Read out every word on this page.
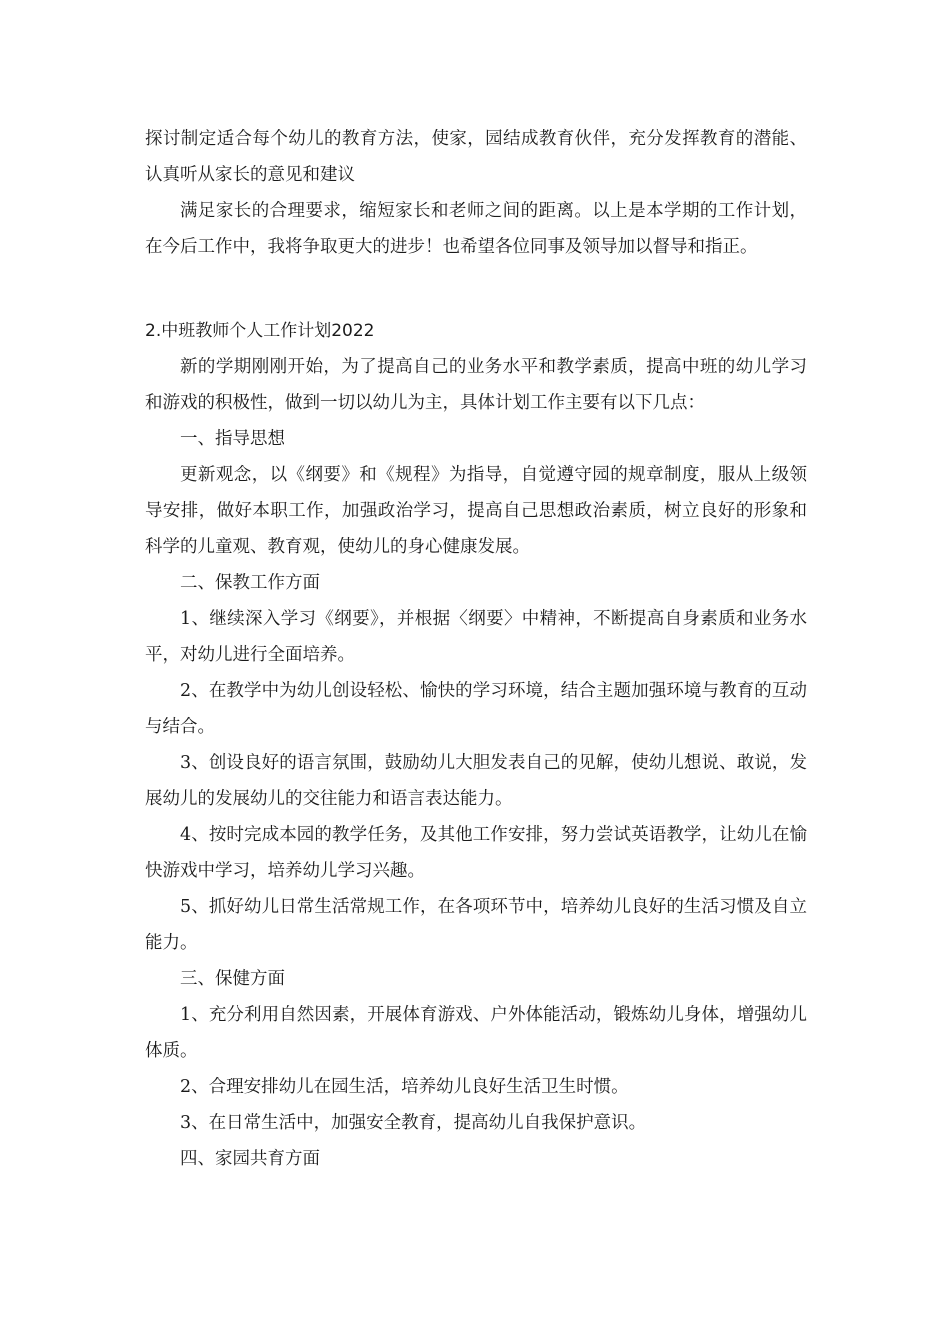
探讨制定适合每个幼儿的教育方法，使家，园结成教育伙伴，充分发挥教育的潜能、认真听从家长的意见和建议

满足家长的合理要求，缩短家长和老师之间的距离。以上是本学期的工作计划，在今后工作中，我将争取更大的进步！也希望各位同事及领导加以督导和指正。

2.中班教师个人工作计划2022

新的学期刚刚开始，为了提高自己的业务水平和教学素质，提高中班的幼儿学习和游戏的积极性，做到一切以幼儿为主，具体计划工作主要有以下几点：

一、指导思想

更新观念，以《纲要》和《规程》为指导，自觉遵守园的规章制度，服从上级领导安排，做好本职工作，加强政治学习，提高自己思想政治素质，树立良好的形象和科学的儿童观、教育观，使幼儿的身心健康发展。

二、保教工作方面

1、继续深入学习《纲要》，并根据〈纲要〉中精神，不断提高自身素质和业务水平，对幼儿进行全面培养。

2、在教学中为幼儿创设轻松、愉快的学习环境，结合主题加强环境与教育的互动与结合。

3、创设良好的语言氛围，鼓励幼儿大胆发表自己的见解，使幼儿想说、敢说，发展幼儿的发展幼儿的交往能力和语言表达能力。

4、按时完成本园的教学任务，及其他工作安排，努力尝试英语教学，让幼儿在愉快游戏中学习，培养幼儿学习兴趣。

5、抓好幼儿日常生活常规工作，在各项环节中，培养幼儿良好的生活习惯及自立能力。

三、保健方面

1、充分利用自然因素，开展体育游戏、户外体能活动，锻炼幼儿身体，增强幼儿体质。

2、合理安排幼儿在园生活，培养幼儿良好生活卫生时惯。

3、在日常生活中，加强安全教育，提高幼儿自我保护意识。

四、家园共育方面
